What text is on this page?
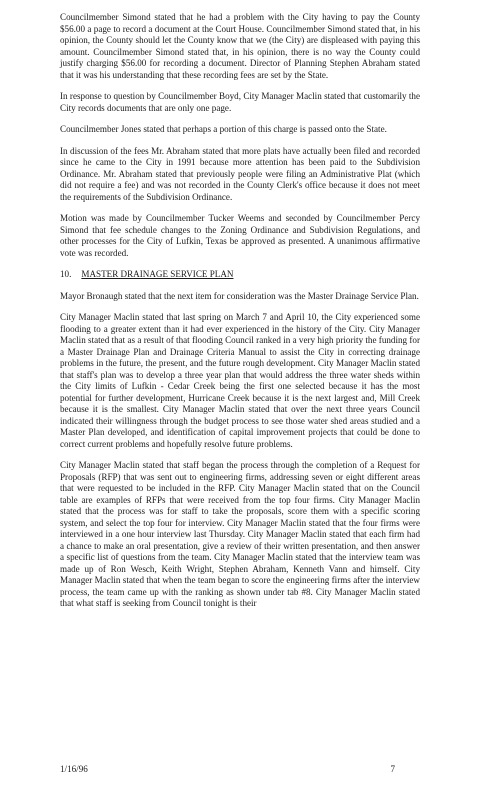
Councilmember Simond stated that he had a problem with the City having to pay the County $56.00 a page to record a document at the Court House. Councilmember Simond stated that, in his opinion, the County should let the County know that we (the City) are displeased with paying this amount. Councilmember Simond stated that, in his opinion, there is no way the County could justify charging $56.00 for recording a document. Director of Planning Stephen Abraham stated that it was his understanding that these recording fees are set by the State.

In response to question by Councilmember Boyd, City Manager Maclin stated that customarily the City records documents that are only one page.

Councilmember Jones stated that perhaps a portion of this charge is passed onto the State.

In discussion of the fees Mr. Abraham stated that more plats have actually been filed and recorded since he came to the City in 1991 because more attention has been paid to the Subdivision Ordinance. Mr. Abraham stated that previously people were filing an Administrative Plat (which did not require a fee) and was not recorded in the County Clerk's office because it does not meet the requirements of the Subdivision Ordinance.

Motion was made by Councilmember Tucker Weems and seconded by Councilmember Percy Simond that fee schedule changes to the Zoning Ordinance and Subdivision Regulations, and other processes for the City of Lufkin, Texas be approved as presented. A unanimous affirmative vote was recorded.

10. MASTER DRAINAGE SERVICE PLAN

Mayor Bronaugh stated that the next item for consideration was the Master Drainage Service Plan.

City Manager Maclin stated that last spring on March 7 and April 10, the City experienced some flooding to a greater extent than it had ever experienced in the history of the City. City Manager Maclin stated that as a result of that flooding Council ranked in a very high priority the funding for a Master Drainage Plan and Drainage Criteria Manual to assist the City in correcting drainage problems in the future, the present, and the future rough development. City Manager Maclin stated that staff's plan was to develop a three year plan that would address the three water sheds within the City limits of Lufkin - Cedar Creek being the first one selected because it has the most potential for further development, Hurricane Creek because it is the next largest and, Mill Creek because it is the smallest. City Manager Maclin stated that over the next three years Council indicated their willingness through the budget process to see those water shed areas studied and a Master Plan developed, and identification of capital improvement projects that could be done to correct current problems and hopefully resolve future problems.

City Manager Maclin stated that staff began the process through the completion of a Request for Proposals (RFP) that was sent out to engineering firms, addressing seven or eight different areas that were requested to be included in the RFP. City Manager Maclin stated that on the Council table are examples of RFPs that were received from the top four firms. City Manager Maclin stated that the process was for staff to take the proposals, score them with a specific scoring system, and select the top four for interview. City Manager Maclin stated that the four firms were interviewed in a one hour interview last Thursday. City Manager Maclin stated that each firm had a chance to make an oral presentation, give a review of their written presentation, and then answer a specific list of questions from the team. City Manager Maclin stated that the interview team was made up of Ron Wesch, Keith Wright, Stephen Abraham, Kenneth Vann and himself. City Manager Maclin stated that when the team began to score the engineering firms after the interview process, the team came up with the ranking as shown under tab #8. City Manager Maclin stated that what staff is seeking from Council tonight is their

1/16/96	7
